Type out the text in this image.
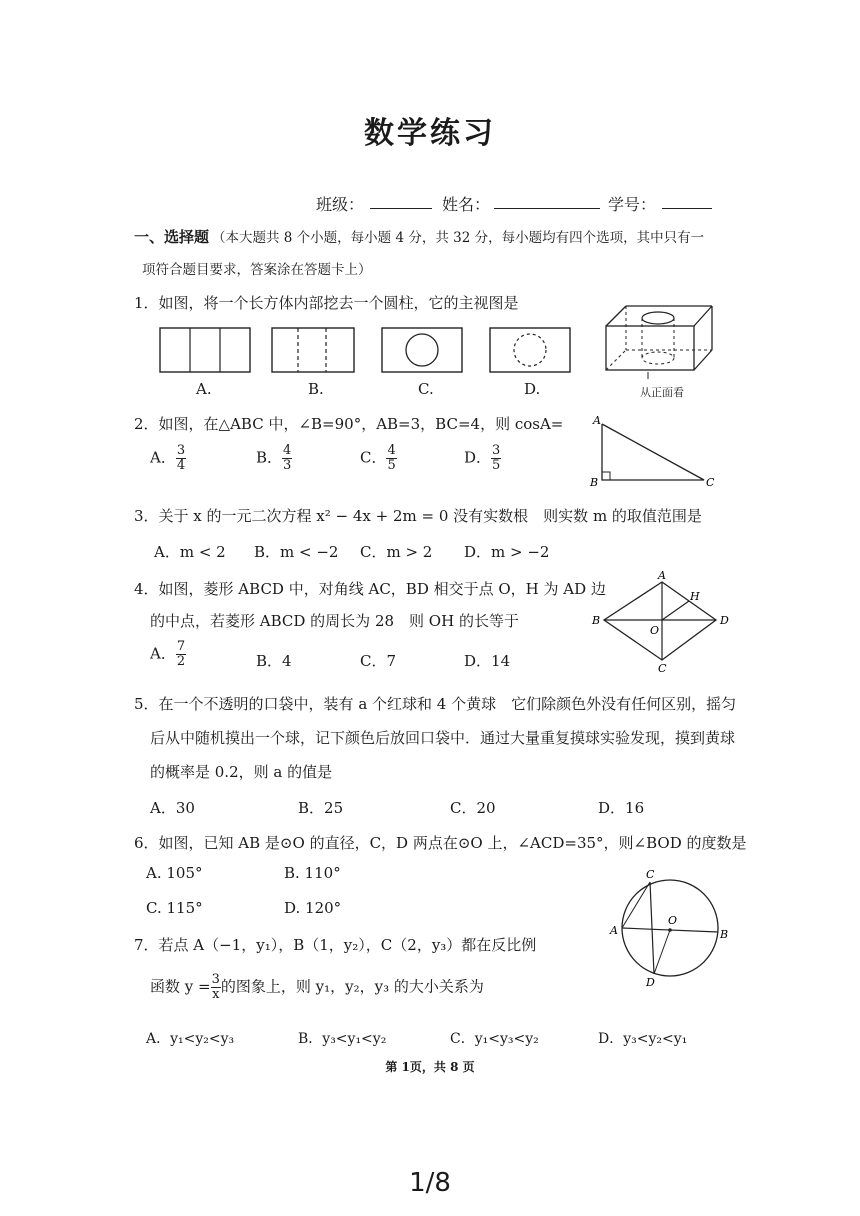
数学练习
班级：	姓名：	学号：
一、选择题 （本大题共 8 个小题，每小题 4 分，共 32 分，每小题均有四个选项，其中只有一
项符合题目要求，答案涂在答题卡上）
1．如图，将一个长方体内部挖去一个圆柱，它的主视图是
A.	B.	C.	D.	从正面看
2．如图，在△ABC 中，∠B=90°，AB=3，BC=4，则 cosA=
A． $\frac{3}{4}$	B． $\frac{4}{3}$	C． $\frac{4}{5}$	D． $\frac{3}{5}$
A
B	C
3．关于 x 的一元二次方程 x² − 4x + 2m = 0 没有实数根　则实数 m 的取值范围是
A．m < 2 B．m < −2 C．m > 2 D．m > −2
4．如图，菱形 ABCD 中，对角线 AC，BD 相交于点 O，H 为 AD 边
的中点，若菱形 ABCD 的周长为 28　则 OH 的长等于
A． $\frac{7}{2}$	B．4	C．7	D．14
A
B
C
D
H
O
5．在一个不透明的口袋中，装有 a 个红球和 4 个黄球　它们除颜色外没有任何区别，摇匀
后从中随机摸出一个球，记下颜色后放回口袋中．通过大量重复摸球实验发现，摸到黄球
的概率是 0.2，则 a 的值是
A．30	B．25	C．20	D．16
6．如图，已知 AB 是⊙O 的直径，C，D 两点在⊙O 上，∠ACD=35°，则∠BOD 的度数是
A. 105°	B. 110°
C. 115°	D. 120°
C
A	B
D
O
7．若点 A（−1，y₁），B（1，y₂），C（2，y₃）都在反比例
函数 $y = \frac{3}{x}$ 的图象上，则 y₁，y₂，y₃ 的大小关系为
A．y₁<y₂<y₃	B．y₃<y₁<y₂	C．y₁<y₃<y₂	D．y₃<y₂<y₁
第 1页，共 8 页
1/8
